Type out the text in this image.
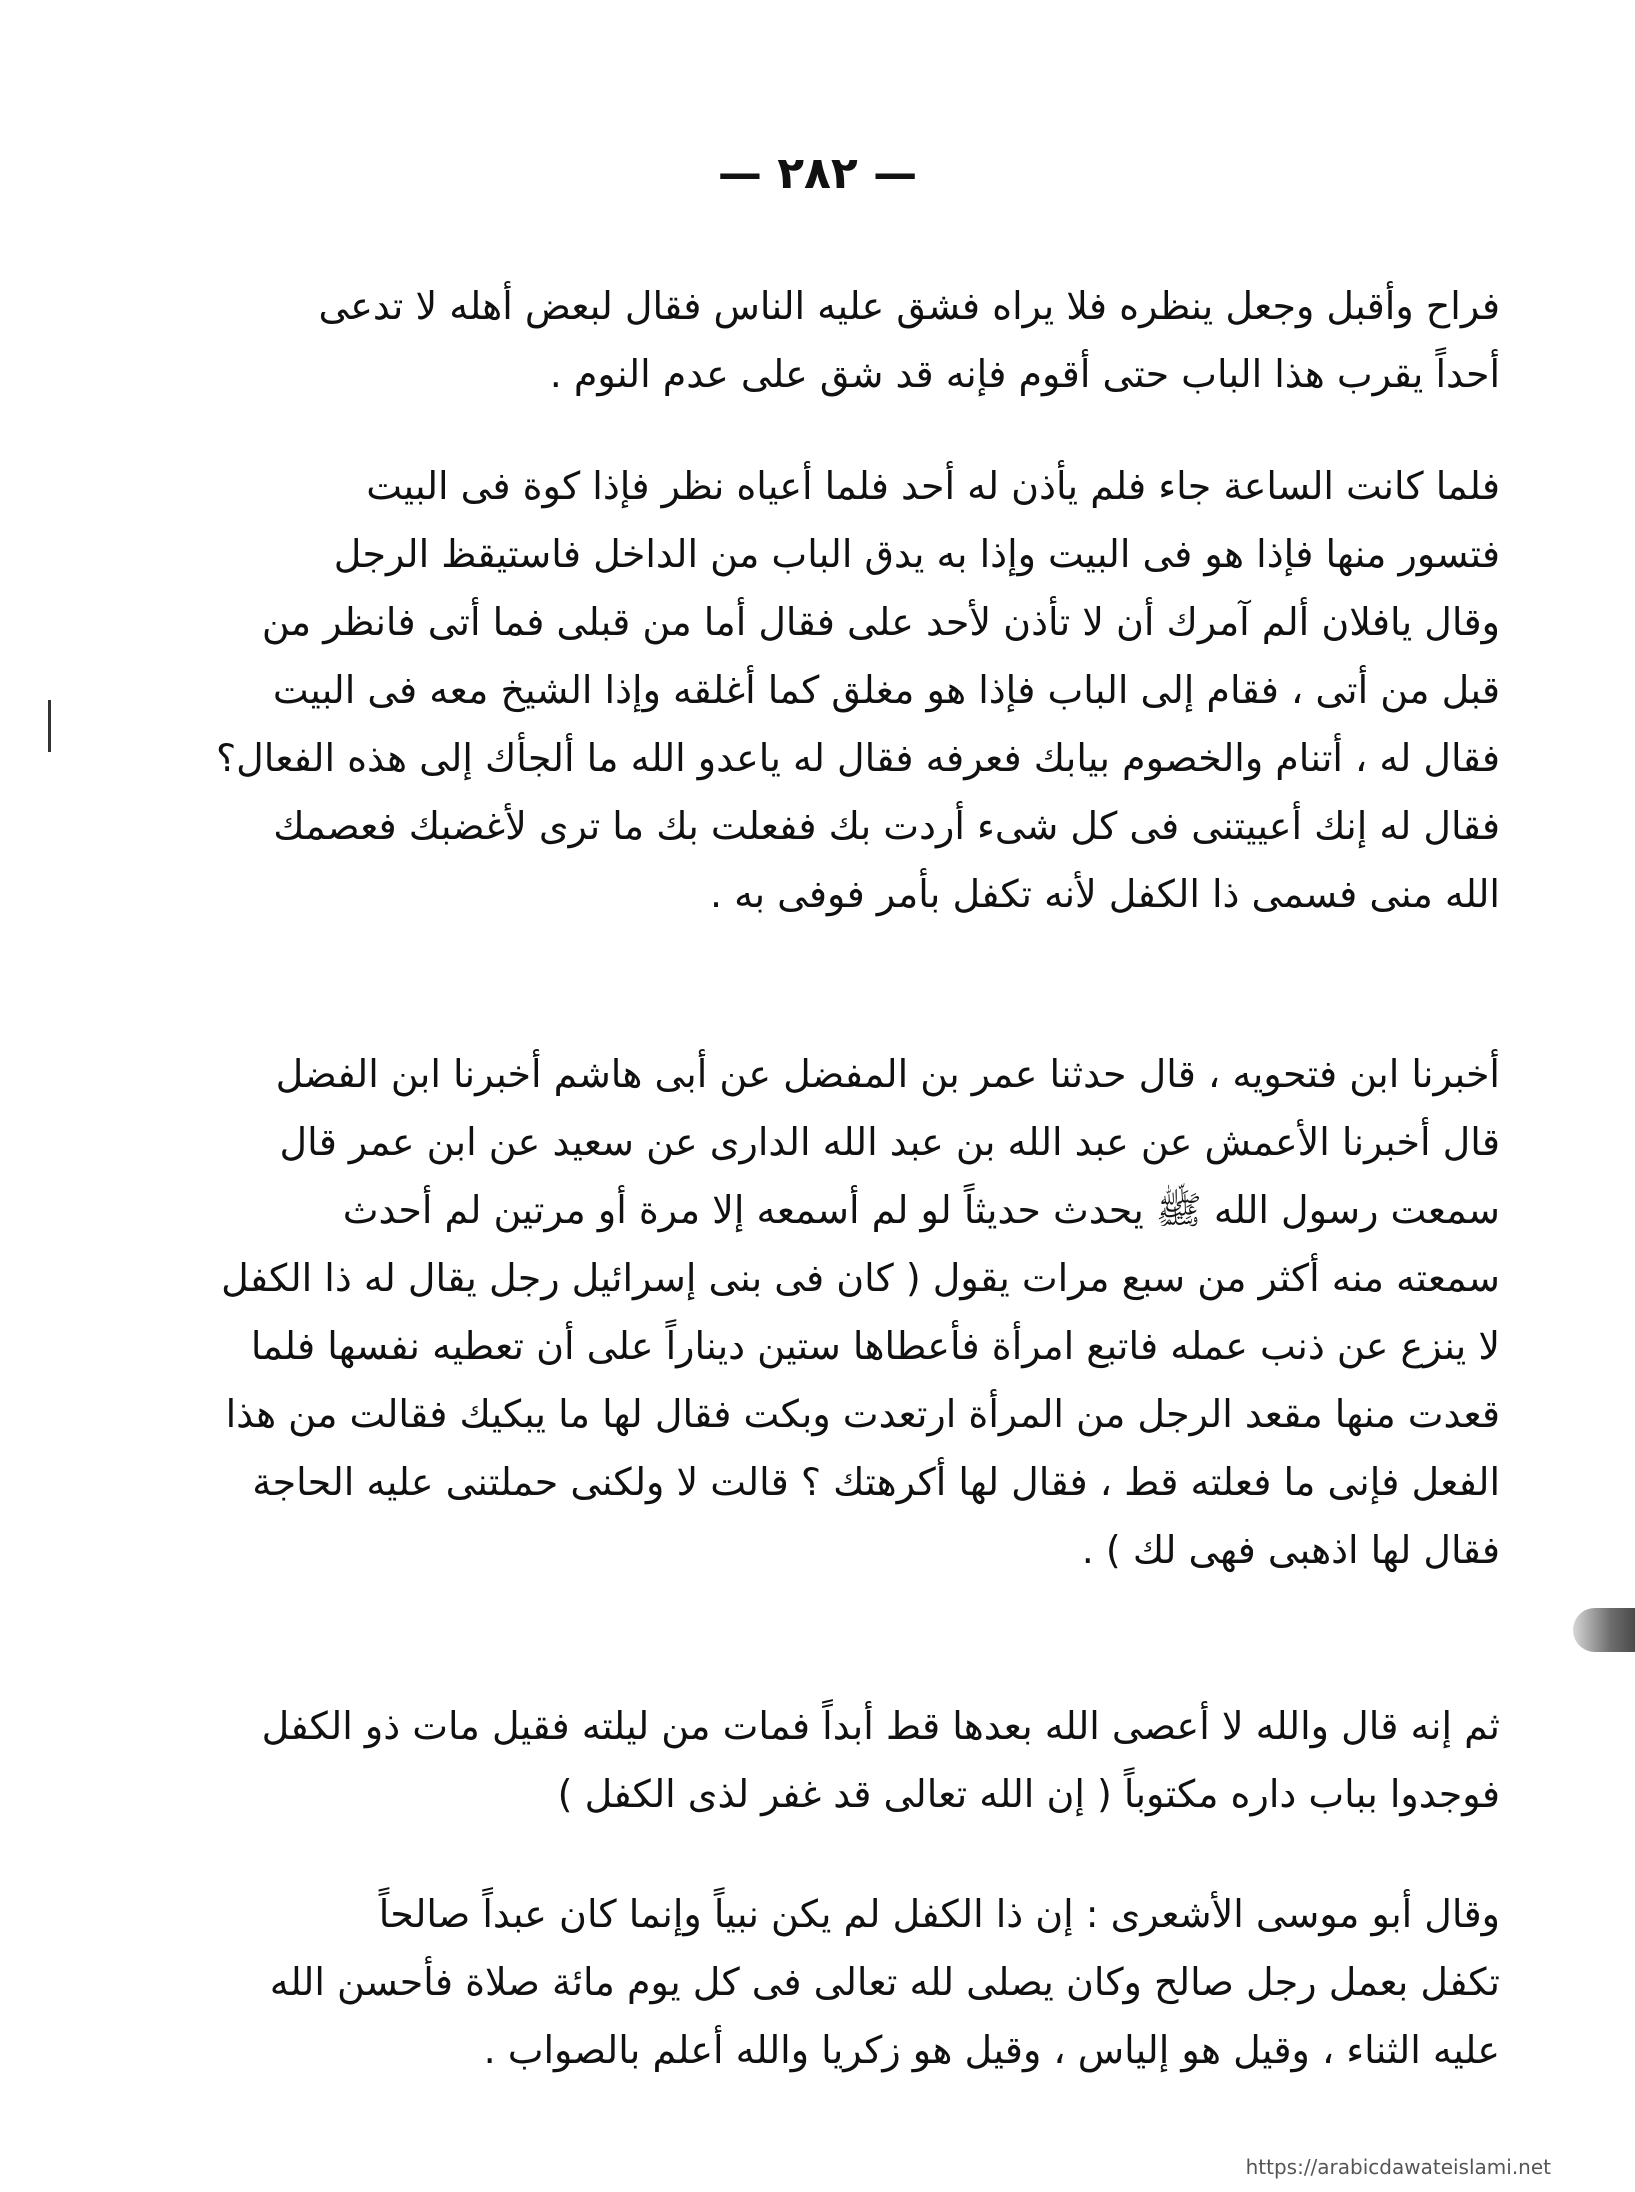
— ٢٨٢ —

فراح وأقبل وجعل ينظره فلا يراه فشق عليه الناس فقال لبعض أهله لا تدعى

أحداً يقرب هذا الباب حتى أقوم فإنه قد شق على عدم النوم .

فلما كانت الساعة جاء فلم يأذن له أحد فلما أعياه نظر فإذا كوة فى البيت

فتسور منها فإذا هو فى البيت وإذا به يدق الباب من الداخل فاستيقظ الرجل

وقال يافلان ألم آمرك أن لا تأذن لأحد على فقال أما من قبلى فما أتى فانظر من

قبل من أتى ، فقام إلى الباب فإذا هو مغلق كما أغلقه وإذا الشيخ معه فى البيت

فقال له ، أتنام والخصوم بيابك فعرفه فقال له ياعدو الله ما ألجأك إلى هذه الفعال؟

فقال له إنك أعييتنى فى كل شىء أردت بك ففعلت بك ما ترى لأغضبك فعصمك

الله منى فسمى ذا الكفل لأنه تكفل بأمر فوفى به .

أخبرنا ابن فتحويه ، قال حدثنا عمر بن المفضل عن أبى هاشم أخبرنا ابن الفضل

قال أخبرنا الأعمش عن عبد الله بن عبد الله الدارى عن سعيد عن ابن عمر قال

سمعت رسول الله ﷺ يحدث حديثاً لو لم أسمعه إلا مرة أو مرتين لم أحدث

سمعته منه أكثر من سبع مرات يقول ( كان فى بنى إسرائيل رجل يقال له ذا الكفل

لا ينزع عن ذنب عمله فاتبع امرأة فأعطاها ستين ديناراً على أن تعطيه نفسها فلما

قعدت منها مقعد الرجل من المرأة ارتعدت وبكت فقال لها ما يبكيك فقالت من هذا

الفعل فإنى ما فعلته قط ، فقال لها أكرهتك ؟ قالت لا ولكنى حملتنى عليه الحاجة

فقال لها اذهبى فهى لك ) .

ثم إنه قال والله لا أعصى الله بعدها قط أبداً فمات من ليلته فقيل مات ذو الكفل

فوجدوا بباب داره مكتوباً ( إن الله تعالى قد غفر لذى الكفل )

وقال أبو موسى الأشعرى : إن ذا الكفل لم يكن نبياً وإنما كان عبداً صالحاً

تكفل بعمل رجل صالح وكان يصلى لله تعالى فى كل يوم مائة صلاة فأحسن الله

عليه الثناء ، وقيل هو إلياس ، وقيل هو زكريا والله أعلم بالصواب .

https://arabicdawateislami.net
